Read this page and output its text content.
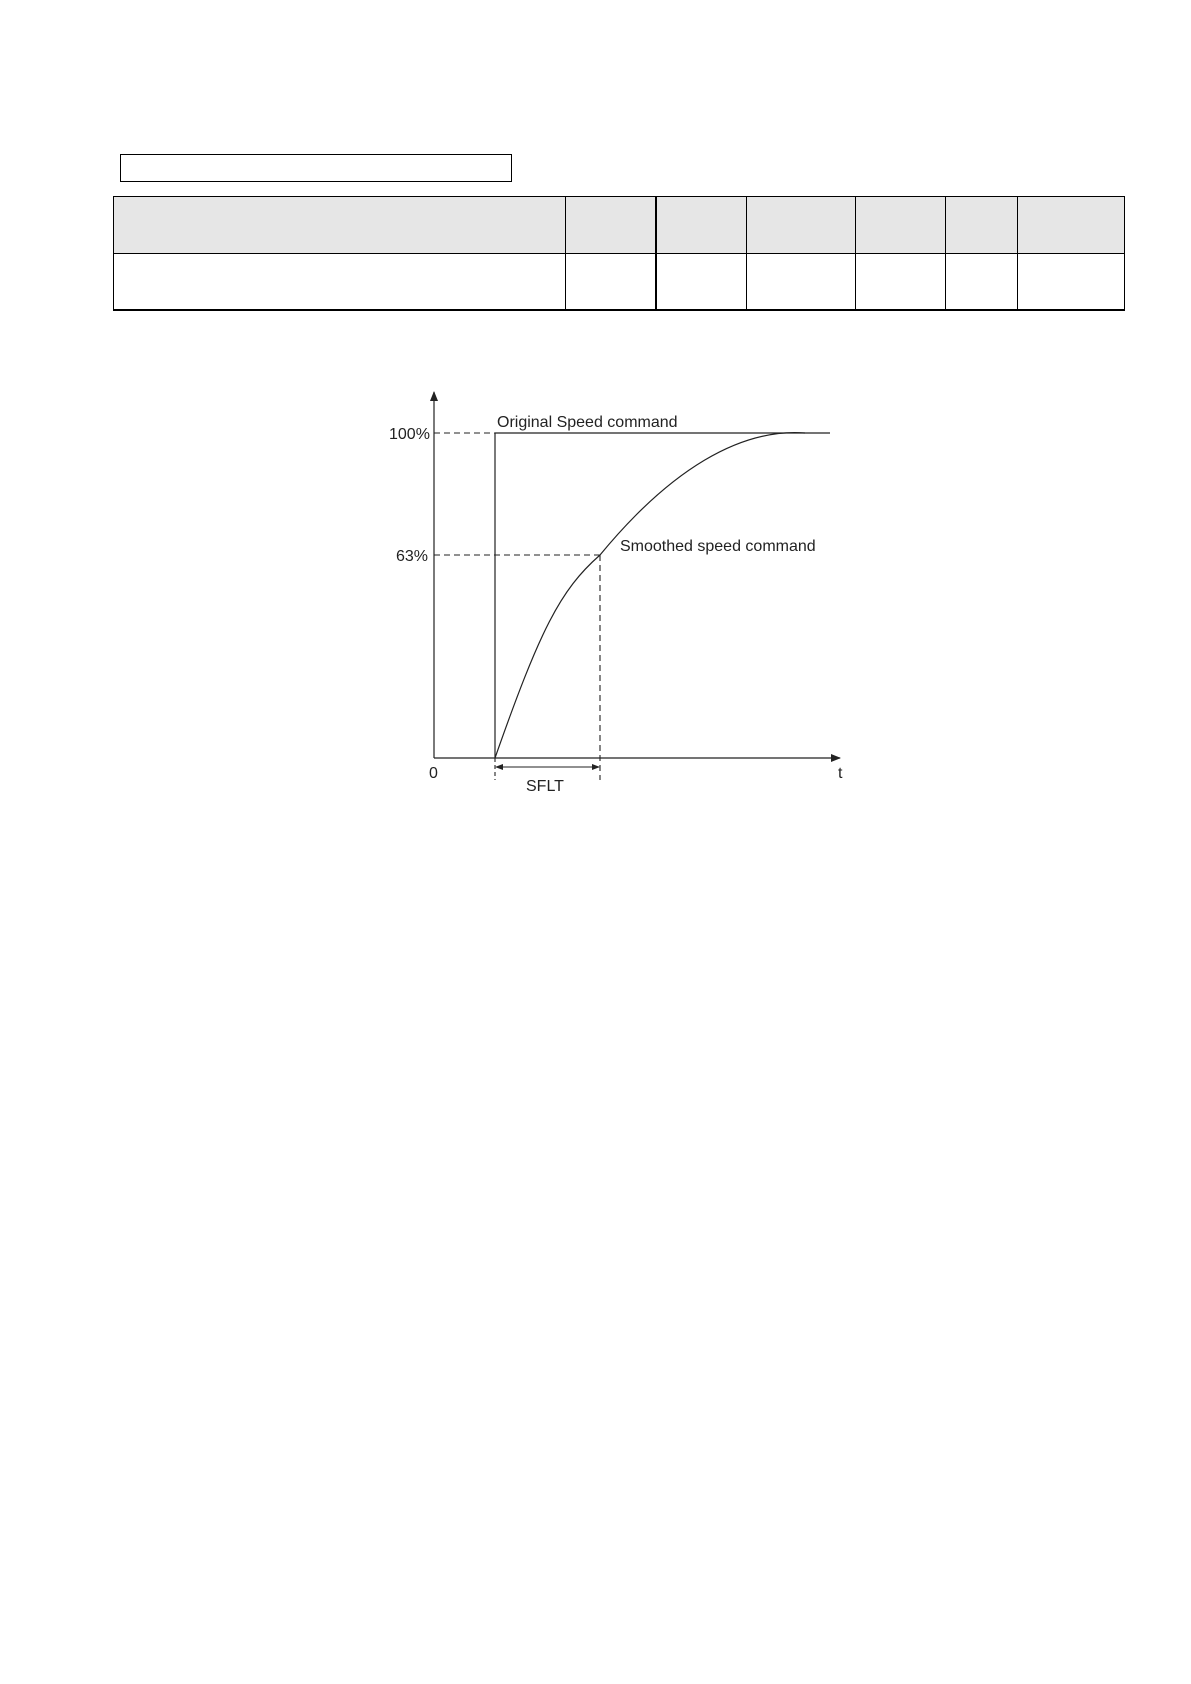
100%
63%
0	t
Original Speed command
Smoothed speed command
SFLT
